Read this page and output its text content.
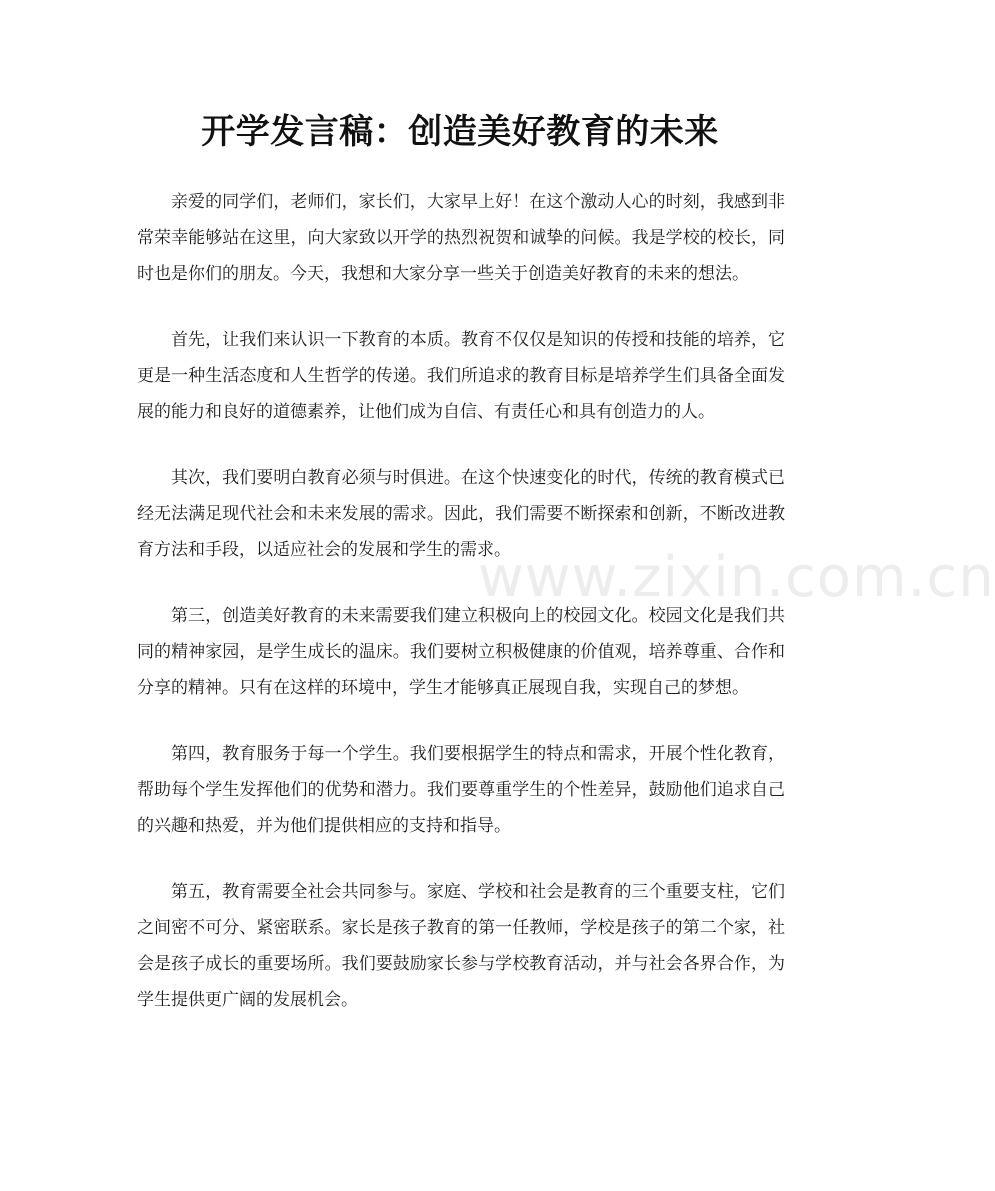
开学发言稿：创造美好教育的未来

亲爱的同学们，老师们，家长们，大家早上好！在这个激动人心的时刻，我感到非常荣幸能够站在这里，向大家致以开学的热烈祝贺和诚挚的问候。我是学校的校长，同时也是你们的朋友。今天，我想和大家分享一些关于创造美好教育的未来的想法。

首先，让我们来认识一下教育的本质。教育不仅仅是知识的传授和技能的培养，它更是一种生活态度和人生哲学的传递。我们所追求的教育目标是培养学生们具备全面发展的能力和良好的道德素养，让他们成为自信、有责任心和具有创造力的人。

其次，我们要明白教育必须与时俱进。在这个快速变化的时代，传统的教育模式已经无法满足现代社会和未来发展的需求。因此，我们需要不断探索和创新，不断改进教育方法和手段，以适应社会的发展和学生的需求。

第三，创造美好教育的未来需要我们建立积极向上的校园文化。校园文化是我们共同的精神家园，是学生成长的温床。我们要树立积极健康的价值观，培养尊重、合作和分享的精神。只有在这样的环境中，学生才能够真正展现自我，实现自己的梦想。

第四，教育服务于每一个学生。我们要根据学生的特点和需求，开展个性化教育，帮助每个学生发挥他们的优势和潜力。我们要尊重学生的个性差异，鼓励他们追求自己的兴趣和热爱，并为他们提供相应的支持和指导。

第五，教育需要全社会共同参与。家庭、学校和社会是教育的三个重要支柱，它们之间密不可分、紧密联系。家长是孩子教育的第一任教师，学校是孩子的第二个家，社会是孩子成长的重要场所。我们要鼓励家长参与学校教育活动，并与社会各界合作，为学生提供更广阔的发展机会。

www.zixin.com.cn
